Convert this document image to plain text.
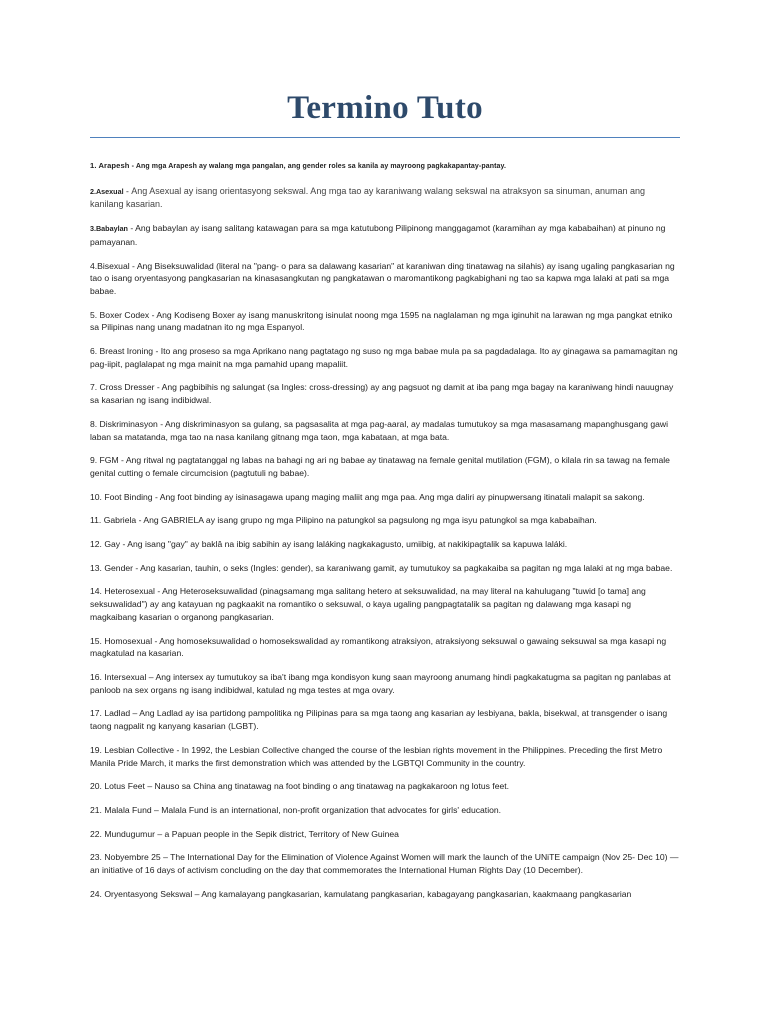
Termino Tuto

1. Arapesh - Ang mga Arapesh ay walang mga pangalan, ang gender roles sa kanila ay mayroong pagkakapantay-pantay.

2.Asexual - Ang Asexual ay isang orientasyong sekswal. Ang mga tao ay karaniwang walang sekswal na atraksyon sa sinuman, anuman ang kanilang kasarian.

3.Babaylan - Ang babaylan ay isang salitang katawagan para sa mga katutubong Pilipinong manggagamot (karamihan ay mga kababaihan) at pinuno ng pamayanan.

4.Bisexual - Ang Biseksuwalidad (literal na "pang- o para sa dalawang kasarian" at karaniwan ding tinatawag na silahis) ay isang ugaling pangkasarian ng tao o isang oryentasyong pangkasarian na kinasasangkutan ng pangkatawan o maromantikong pagkabighani ng tao sa kapwa mga lalaki at pati sa mga babae.

5. Boxer Codex - Ang Kodiseng Boxer ay isang manuskritong isinulat noong mga 1595 na naglalaman ng mga iginuhit na larawan ng mga pangkat etniko sa Pilipinas nang unang madatnan ito ng mga Espanyol.

6. Breast Ironing - Ito ang proseso sa mga Aprikano nang pagtatago ng suso ng mga babae mula pa sa pagdadalaga. Ito ay ginagawa sa pamamagitan ng pag-iipit, paglalapat ng mga mainit na mga pamahid upang mapaliit.

7. Cross Dresser - Ang pagbibihis ng salungat (sa Ingles: cross-dressing) ay ang pagsuot ng damit at iba pang mga bagay na karaniwang hindi nauugnay sa kasarian ng isang indibidwal.

8. Diskriminasyon - Ang diskriminasyon sa gulang, sa pagsasalita at mga pag-aaral, ay madalas tumutukoy sa mga masasamang mapanghusgang gawi laban sa matatanda, mga tao na nasa kanilang gitnang mga taon, mga kabataan, at mga bata.

9. FGM - Ang ritwal ng pagtatanggal ng labas na bahagi ng ari ng babae ay tinatawag na female genital mutilation (FGM), o kilala rin sa tawag na female genital cutting o female circumcision (pagtutuli ng babae).

10. Foot Binding - Ang foot binding ay isinasagawa upang maging maliit ang mga paa. Ang mga daliri ay pinupwersang itinatali malapit sa sakong.

11. Gabriela - Ang GABRIELA ay isang grupo ng mga Pilipino na patungkol sa pagsulong ng mga isyu patungkol sa mga kababaihan.

12. Gay - Ang isang "gay" ay baklâ na ibig sabihin ay isang laláking nagkakagusto, umiibig, at nakikipagtalik sa kapuwa laláki.

13. Gender - Ang kasarian, tauhin, o seks (Ingles: gender), sa karaniwang gamit, ay tumutukoy sa pagkakaiba sa pagitan ng mga lalaki at ng mga babae.

14. Heterosexual - Ang Heteroseksuwalidad (pinagsamang mga salitang hetero at seksuwalidad, na may literal na kahulugang "tuwid [o tama] ang seksuwalidad") ay ang katayuan ng pagkaakit na romantiko o seksuwal, o kaya ugaling pangpagtatalik sa pagitan ng dalawang mga kasapi ng magkaibang kasarian o organong pangkasarian.

15. Homosexual - Ang homoseksuwalidad o homosekswalidad ay romantikong atraksiyon, atraksiyong seksuwal o gawaing seksuwal sa mga kasapi ng magkatulad na kasarian.

16. Intersexual – Ang intersex ay tumutukoy sa iba't ibang mga kondisyon kung saan mayroong anumang hindi pagkakatugma sa pagitan ng panlabas at panloob na sex organs ng isang indibidwal, katulad ng mga testes at mga ovary.

17. Ladlad – Ang Ladlad ay isa partidong pampolitika ng Pilipinas para sa mga taong ang kasarian ay lesbiyana, bakla, bisekwal, at transgender o isang taong nagpalit ng kanyang kasarian (LGBT).

19. Lesbian Collective - In 1992, the Lesbian Collective changed the course of the lesbian rights movement in the Philippines. Preceding the first Metro Manila Pride March, it marks the first demonstration which was attended by the LGBTQI Community in the country.

20. Lotus Feet – Nauso sa China ang tinatawag na foot binding o ang tinatawag na pagkakaroon ng lotus feet.

21. Malala Fund – Malala Fund is an international, non-profit organization that advocates for girls' education.

22. Mundugumur – a Papuan people in the Sepik district, Territory of New Guinea

23. Nobyembre 25 – The International Day for the Elimination of Violence Against Women will mark the launch of the UNiTE campaign (Nov 25- Dec 10) — an initiative of 16 days of activism concluding on the day that commemorates the International Human Rights Day (10 December).

24. Oryentasyong Sekswal – Ang kamalayang pangkasarian, kamulatang pangkasarian, kabagayang pangkasarian, kaakmaang pangkasarian
